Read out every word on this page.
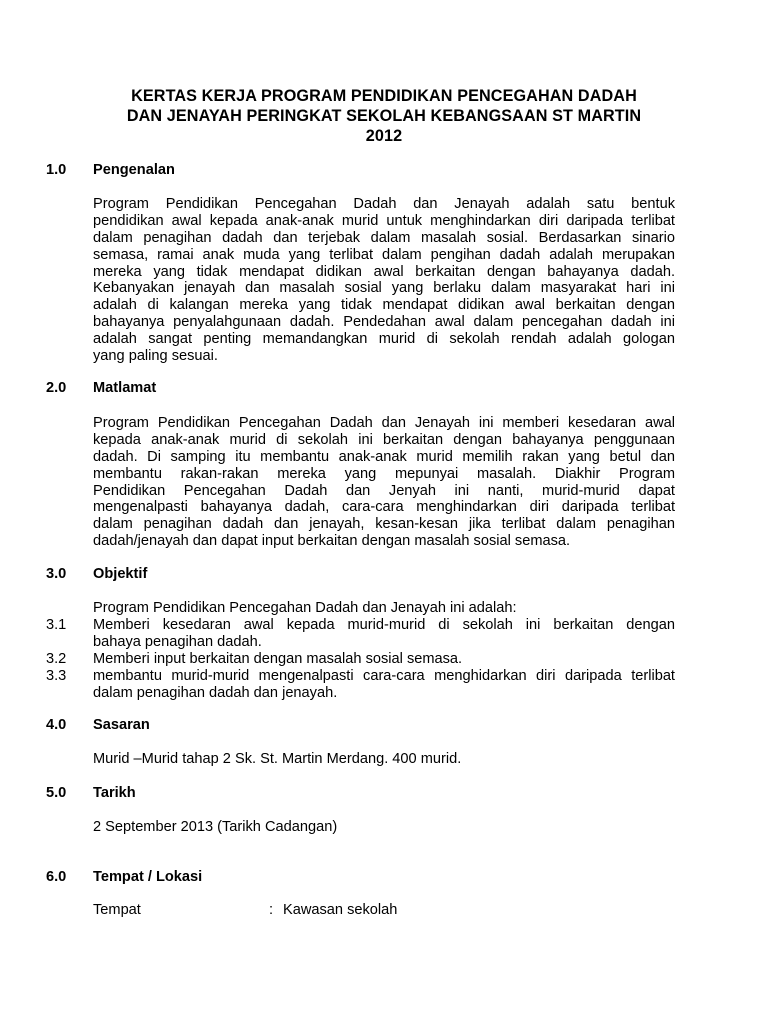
KERTAS KERJA PROGRAM PENDIDIKAN PENCEGAHAN DADAH
DAN JENAYAH PERINGKAT SEKOLAH KEBANGSAAN ST MARTIN
2012
1.0 Pengenalan
Program Pendidikan Pencegahan Dadah dan Jenayah adalah satu bentuk
pendidikan awal kepada anak-anak murid untuk menghindarkan diri daripada terlibat
dalam penagihan dadah dan terjebak dalam masalah sosial. Berdasarkan sinario
semasa, ramai anak muda yang terlibat dalam pengihan dadah adalah merupakan
mereka yang tidak mendapat didikan awal berkaitan dengan bahayanya dadah.
Kebanyakan jenayah dan masalah sosial yang berlaku dalam masyarakat hari ini
adalah di kalangan mereka yang tidak mendapat didikan awal berkaitan dengan
bahayanya penyalahgunaan dadah. Pendedahan awal dalam pencegahan dadah ini
adalah sangat penting memandangkan murid di sekolah rendah adalah gologan
yang paling sesuai.
2.0 Matlamat
Program Pendidikan Pencegahan Dadah dan Jenayah ini memberi kesedaran awal
kepada anak-anak murid di sekolah ini berkaitan dengan bahayanya penggunaan
dadah. Di samping itu membantu anak-anak murid memilih rakan yang betul dan
membantu rakan-rakan mereka yang mepunyai masalah. Diakhir Program
Pendidikan Pencegahan Dadah dan Jenyah ini nanti, murid-murid dapat
mengenalpasti bahayanya dadah, cara-cara menghindarkan diri daripada terlibat
dalam penagihan dadah dan jenayah, kesan-kesan jika terlibat dalam penagihan
dadah/jenayah dan dapat input berkaitan dengan masalah sosial semasa.
3.0 Objektif
Program Pendidikan Pencegahan Dadah dan Jenayah ini adalah:
3.1 Memberi kesedaran awal kepada murid-murid di sekolah ini berkaitan dengan
bahaya penagihan dadah.
3.2 Memberi input berkaitan dengan masalah sosial semasa.
3.3 membantu murid-murid mengenalpasti cara-cara menghidarkan diri daripada terlibat
dalam penagihan dadah dan jenayah.
4.0 Sasaran
Murid –Murid tahap 2 Sk. St. Martin Merdang. 400 murid.
5.0 Tarikh
2 September 2013 (Tarikh Cadangan)
6.0 Tempat / Lokasi
Tempat	: Kawasan sekolah
